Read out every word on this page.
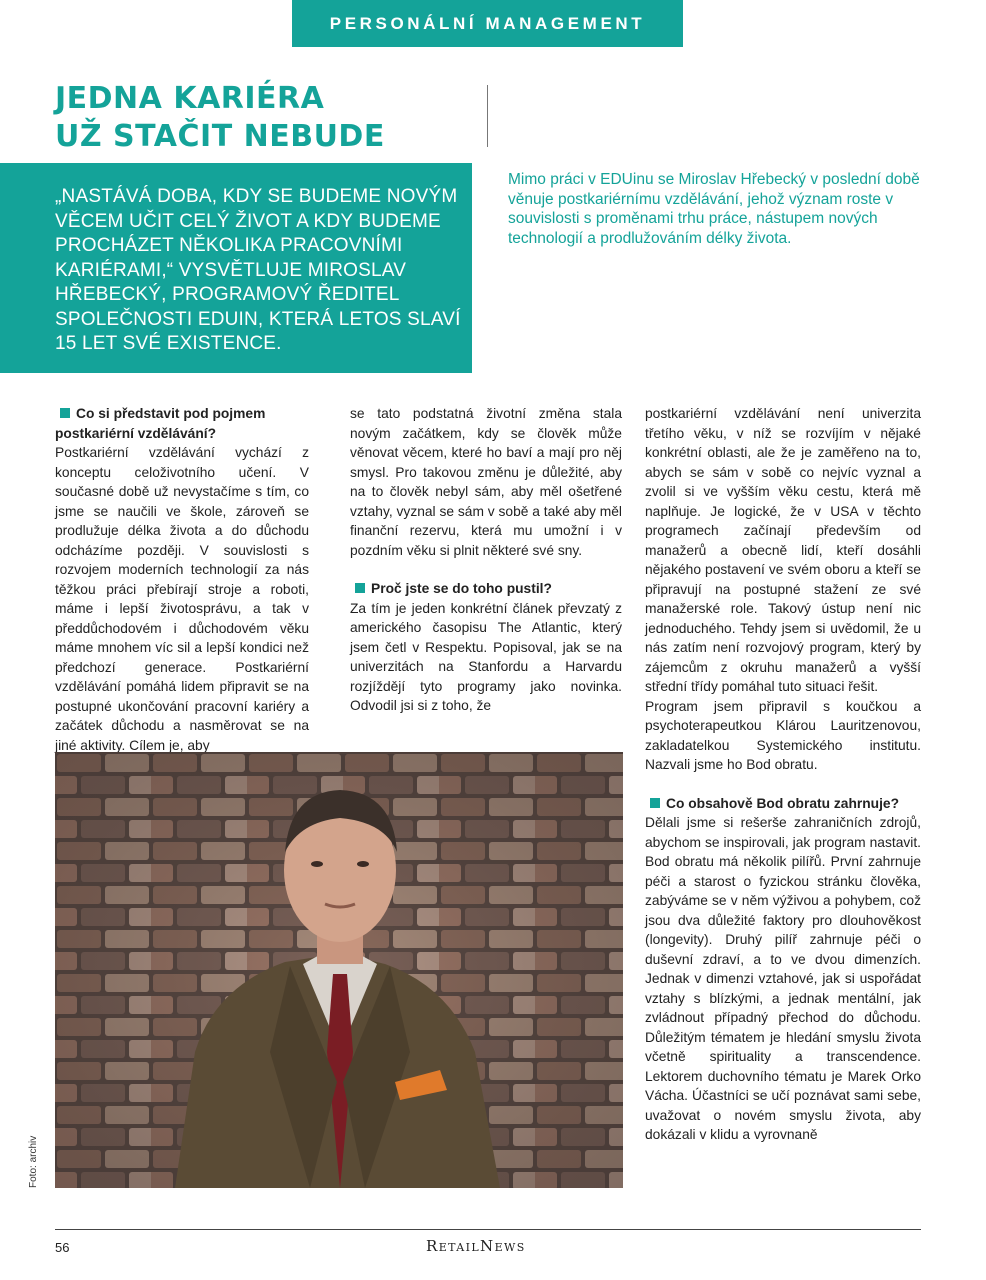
PERSONÁLNÍ MANAGEMENT
JEDNA KARIÉRA
UŽ STAČIT NEBUDE

„NASTÁVÁ DOBA, KDY SE BUDEME NOVÝM VĚCEM UČIT CELÝ ŽIVOT A KDY BUDEME PROCHÁZET NĚKOLIKA PRACOVNÍMI KARIÉRAMI,“ VYSVĚTLUJE MIROSLAV HŘEBECKÝ, PROGRAMOVÝ ŘEDITEL SPOLEČNOSTI EDUIN, KTERÁ LETOS SLAVÍ 15 LET SVÉ EXISTENCE.

Mimo práci v EDUinu se Miroslav Hřebecký v poslední době věnuje postkariérnímu vzdělávání, jehož význam roste v souvislosti s proměnami trhu práce, nástupem nových technologií a prodlužováním délky života.

Co si představit pod pojmem postkariérní vzdělávání?

Postkariérní vzdělávání vychází z konceptu celoživotního učení. V současné době už nevystačíme s tím, co jsme se naučili ve škole, zároveň se prodlužuje délka života a do důchodu odcházíme později. V souvislosti s rozvojem moderních technologií za nás těžkou práci přebírají stroje a roboti, máme i lepší životosprávu, a tak v předdůchodovém i důchodovém věku máme mnohem víc sil a lepší kondici než předchozí generace. Postkariérní vzdělávání pomáhá lidem připravit se na postupné ukončování pracovní kariéry a začátek důchodu a nasměrovat se na jiné aktivity. Cílem je, aby

se tato podstatná životní změna stala novým začátkem, kdy se člověk může věnovat věcem, které ho baví a mají pro něj smysl. Pro takovou změnu je důležité, aby na to člověk nebyl sám, aby měl ošetřené vztahy, vyznal se sám v sobě a také aby měl finanční rezervu, která mu umožní i v pozdním věku si plnit některé své sny.

Proč jste se do toho pustil?

Za tím je jeden konkrétní článek převzatý z amerického časopisu The Atlantic, který jsem četl v Respektu. Popisoval, jak se na univerzitách na Stanfordu a Harvardu rozjíždějí tyto programy jako novinka. Odvodil jsi si z toho, že

postkariérní vzdělávání není univerzita třetího věku, v níž se rozvíjím v nějaké konkrétní oblasti, ale že je zaměřeno na to, abych se sám v sobě co nejvíc vyznal a zvolil si ve vyšším věku cestu, která mě naplňuje. Je logické, že v USA v těchto programech začínají především od manažerů a obecně lidí, kteří dosáhli nějakého postavení ve svém oboru a kteří se připravují na postupné stažení ze své manažerské role. Takový ústup není nic jednoduchého. Tehdy jsem si uvědomil, že u nás zatím není rozvojový program, který by zájemcům z okruhu manažerů a vyšší střední třídy pomáhal tuto situaci řešit.

Program jsem připravil s koučkou a psychoterapeutkou Klárou Lauritzenovou, zakladatelkou Systemického institutu. Nazvali jsme ho Bod obratu.

Co obsahově Bod obratu zahrnuje?

Dělali jsme si rešerše zahraničních zdrojů, abychom se inspirovali, jak program nastavit. Bod obratu má několik pilířů. První zahrnuje péči a starost o fyzickou stránku člověka, zabýváme se v něm výživou a pohybem, což jsou dva důležité faktory pro dlouhověkost (longevity). Druhý pilíř zahrnuje péči o duševní zdraví, a to ve dvou dimenzích. Jednak v dimenzi vztahové, jak si uspořádat vztahy s blízkými, a jednak mentální, jak zvládnout případný přechod do důchodu. Důležitým tématem je hledání smyslu života včetně spirituality a transcendence. Lektorem duchovního tématu je Marek Orko Vácha. Účastníci se učí poznávat sami sebe, uvažovat o novém smyslu života, aby dokázali v klidu a vyrovnaně

Foto: archiv
56	RetailNews
